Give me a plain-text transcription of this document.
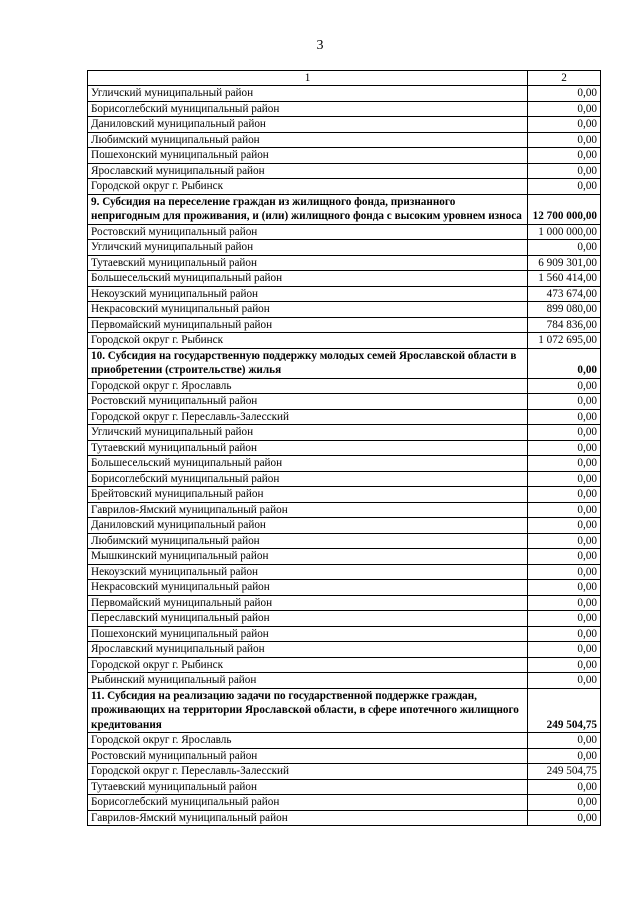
3
1	2
Угличский муниципальный район	0,00
Борисоглебский муниципальный район	0,00
Даниловский муниципальный район	0,00
Любимский муниципальный район	0,00
Пошехонский муниципальный район	0,00
Ярославский муниципальный район	0,00
Городской округ г. Рыбинск	0,00
9. Субсидия на переселение граждан из жилищного фонда, признанного непригодным для проживания, и (или) жилищного фонда с высоким уровнем износа	12 700 000,00
Ростовский муниципальный район	1 000 000,00
Угличский муниципальный район	0,00
Тутаевский муниципальный район	6 909 301,00
Большесельский муниципальный район	1 560 414,00
Некоузский муниципальный район	473 674,00
Некрасовский муниципальный район	899 080,00
Первомайский муниципальный район	784 836,00
Городской округ г. Рыбинск	1 072 695,00
10. Субсидия на государственную поддержку молодых семей Ярославской области в приобретении (строительстве) жилья	0,00
Городской округ г. Ярославль	0,00
Ростовский муниципальный район	0,00
Городской округ г. Переславль-Залесский	0,00
Угличский муниципальный район	0,00
Тутаевский муниципальный район	0,00
Большесельский муниципальный район	0,00
Борисоглебский муниципальный район	0,00
Брейтовский муниципальный район	0,00
Гаврилов-Ямский муниципальный район	0,00
Даниловский муниципальный район	0,00
Любимский муниципальный район	0,00
Мышкинский муниципальный район	0,00
Некоузский муниципальный район	0,00
Некрасовский муниципальный район	0,00
Первомайский муниципальный район	0,00
Переславский муниципальный район	0,00
Пошехонский муниципальный район	0,00
Ярославский муниципальный район	0,00
Городской округ г. Рыбинск	0,00
Рыбинский муниципальный район	0,00
11. Субсидия на реализацию задачи по государственной поддержке граждан, проживающих на территории Ярославской области, в сфере ипотечного жилищного кредитования	249 504,75
Городской округ г. Ярославль	0,00
Ростовский муниципальный район	0,00
Городской округ г. Переславль-Залесский	249 504,75
Тутаевский муниципальный район	0,00
Борисоглебский муниципальный район	0,00
Гаврилов-Ямский муниципальный район	0,00
